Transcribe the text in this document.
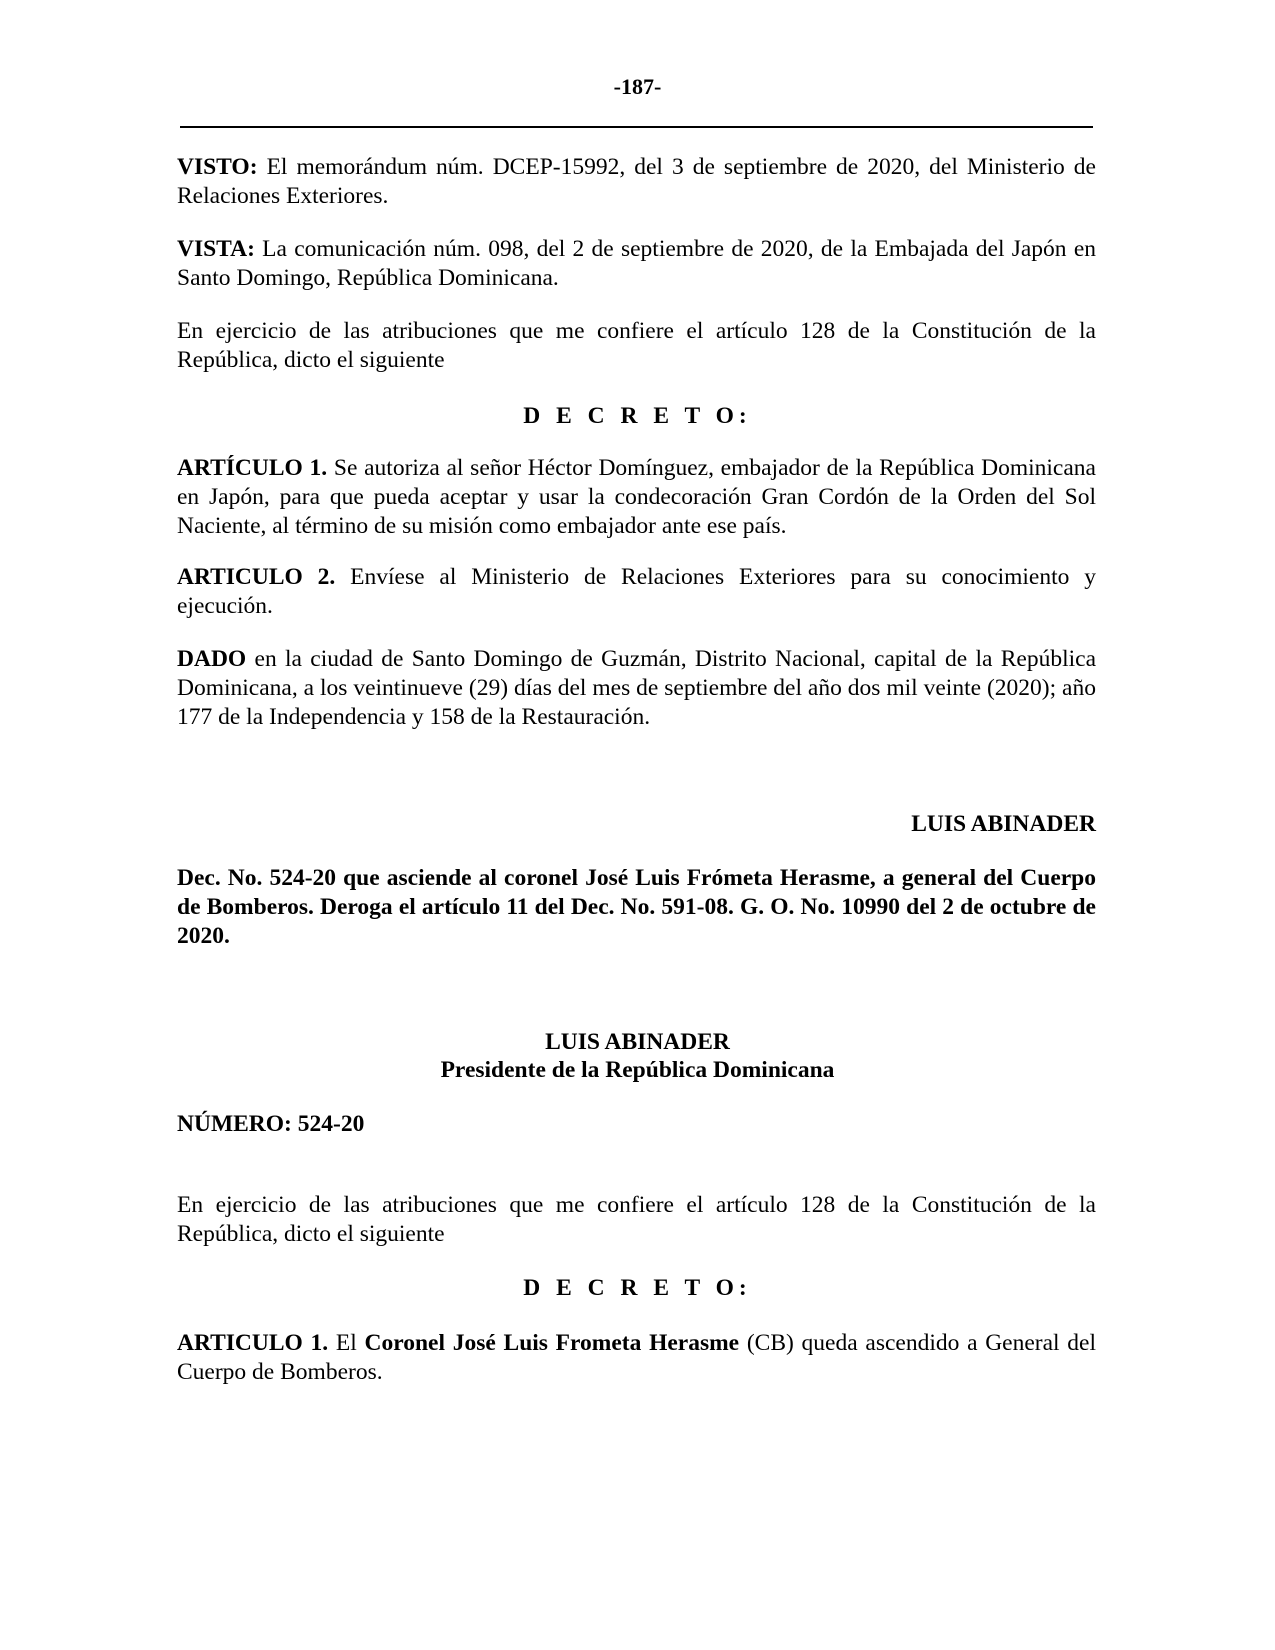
-187-
VISTO: El memorándum núm. DCEP-15992, del 3 de septiembre de 2020, del Ministerio de Relaciones Exteriores.
VISTA: La comunicación núm. 098, del 2 de septiembre de 2020, de la Embajada del Japón en Santo Domingo, República Dominicana.
En ejercicio de las atribuciones que me confiere el artículo 128 de la Constitución de la República, dicto el siguiente
D E C R E T O:
ARTÍCULO 1. Se autoriza al señor Héctor Domínguez, embajador de la República Dominicana en Japón, para que pueda aceptar y usar la condecoración Gran Cordón de la Orden del Sol Naciente, al término de su misión como embajador ante ese país.
ARTICULO 2. Envíese al Ministerio de Relaciones Exteriores para su conocimiento y ejecución.
DADO en la ciudad de Santo Domingo de Guzmán, Distrito Nacional, capital de la República Dominicana, a los veintinueve (29) días del mes de septiembre del año dos mil veinte (2020); año 177 de la Independencia y 158 de la Restauración.
LUIS ABINADER
Dec. No. 524-20 que asciende al coronel José Luis Frómeta Herasme, a general del Cuerpo de Bomberos. Deroga el artículo 11 del Dec. No. 591-08. G. O. No. 10990 del 2 de octubre de 2020.
LUIS ABINADER
Presidente de la República Dominicana
NÚMERO: 524-20
En ejercicio de las atribuciones que me confiere el artículo 128 de la Constitución de la República, dicto el siguiente
D E C R E T O:
ARTICULO 1. El Coronel José Luis Frometa Herasme (CB) queda ascendido a General del Cuerpo de Bomberos.
